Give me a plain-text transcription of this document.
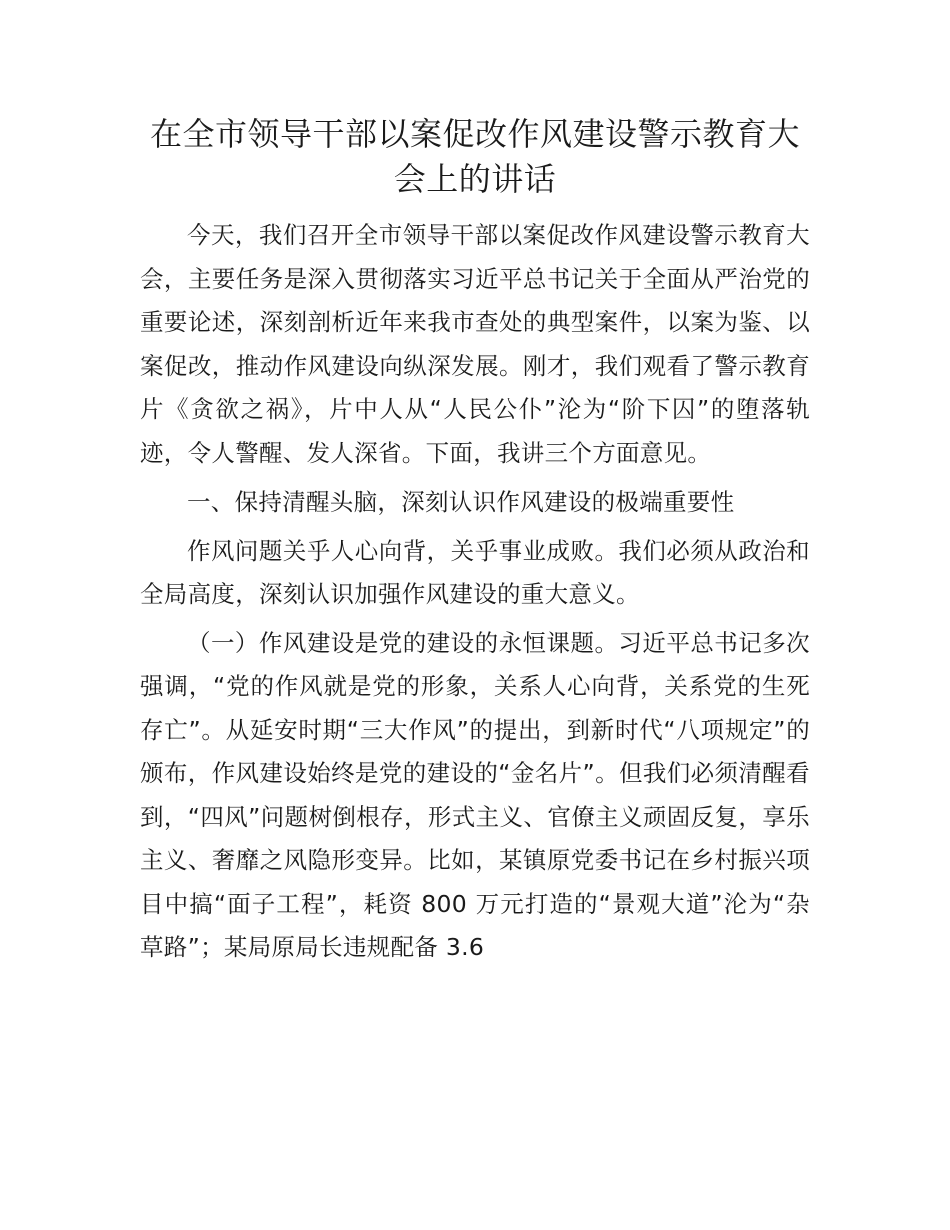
在全市领导干部以案促改作风建设警示教育大会上的讲话

今天，我们召开全市领导干部以案促改作风建设警示教育大会，主要任务是深入贯彻落实习近平总书记关于全面从严治党的重要论述，深刻剖析近年来我市查处的典型案件，以案为鉴、以案促改，推动作风建设向纵深发展。刚才，我们观看了警示教育片《贪欲之祸》，片中人从“人民公仆”沦为“阶下囚”的堕落轨迹，令人警醒、发人深省。下面，我讲三个方面意见。

一、保持清醒头脑，深刻认识作风建设的极端重要性

作风问题关乎人心向背，关乎事业成败。我们必须从政治和全局高度，深刻认识加强作风建设的重大意义。

（一）作风建设是党的建设的永恒课题。习近平总书记多次强调，“党的作风就是党的形象，关系人心向背，关系党的生死存亡”。从延安时期“三大作风”的提出，到新时代“八项规定”的颁布，作风建设始终是党的建设的“金名片”。但我们必须清醒看到，“四风”问题树倒根存，形式主义、官僚主义顽固反复，享乐主义、奢靡之风隐形变异。比如，某镇原党委书记在乡村振兴项目中搞“面子工程”，耗资 800 万元打造的“景观大道”沦为“杂草路”；某局原局长违规配备 3.6
